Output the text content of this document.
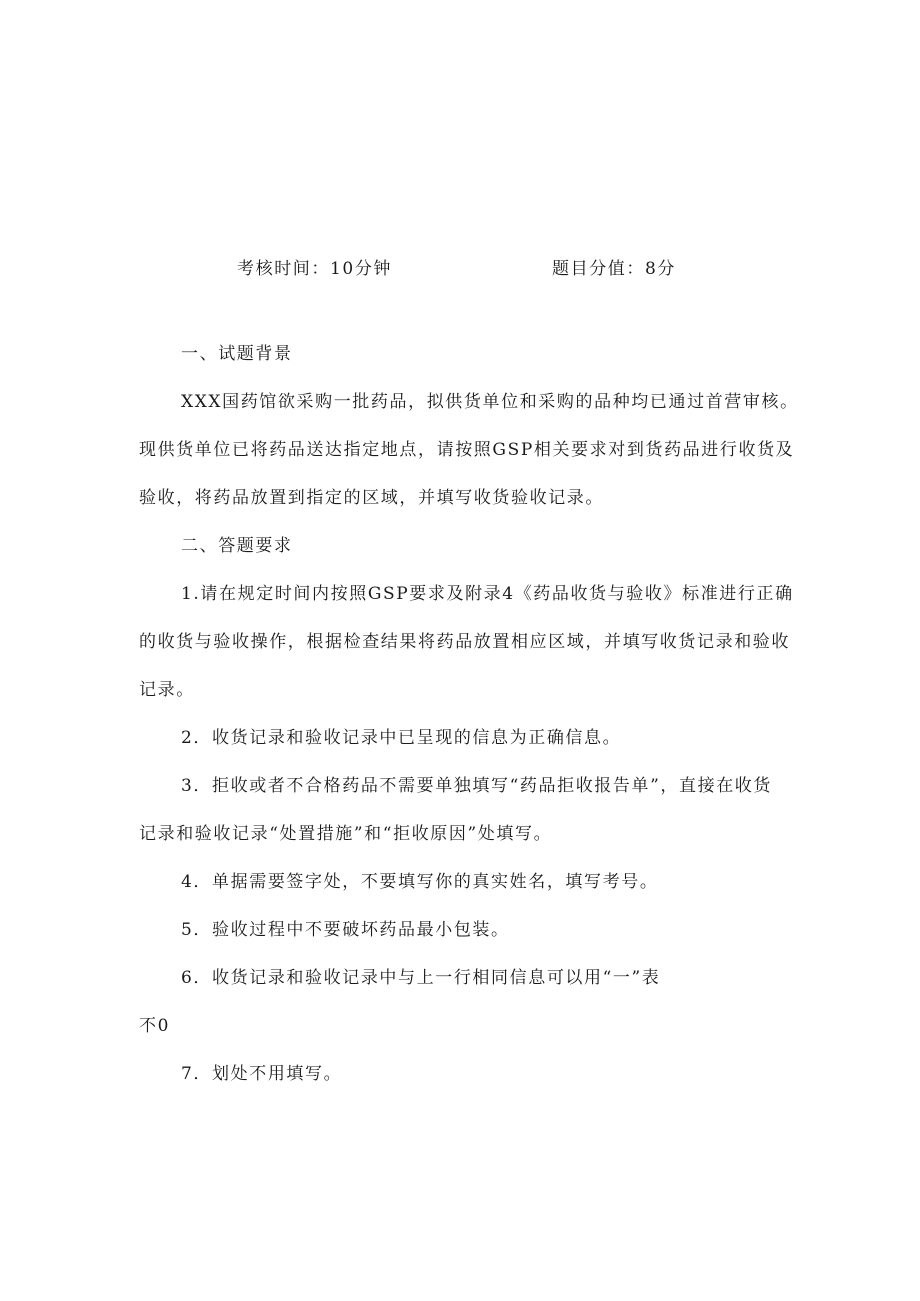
考核时间：10分钟	题目分值：8分
一、试题背景
XXX国药馆欲采购一批药品，拟供货单位和采购的品种均已通过首营审核。
现供货单位已将药品送达指定地点，请按照GSP相关要求对到货药品进行收货及
验收，将药品放置到指定的区域，并填写收货验收记录。
二、答题要求
1.请在规定时间内按照GSP要求及附录4《药品收货与验收》标准进行正确
的收货与验收操作，根据检查结果将药品放置相应区域，并填写收货记录和验收
记录。
2．收货记录和验收记录中已呈现的信息为正确信息。
3．拒收或者不合格药品不需要单独填写“药品拒收报告单”，直接在收货
记录和验收记录“处置措施”和“拒收原因”处填写。
4．单据需要签字处，不要填写你的真实姓名，填写考号。
5．验收过程中不要破坏药品最小包装。
6．收货记录和验收记录中与上一行相同信息可以用“一”表
不0
7．划处不用填写。
